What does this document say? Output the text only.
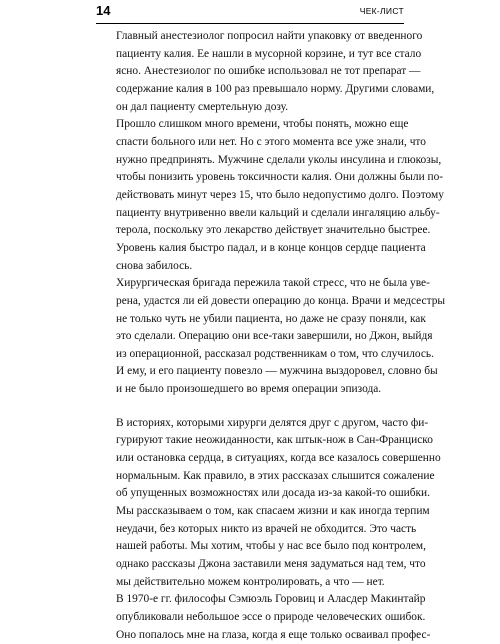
14	ЧЕК-ЛИСТ

Главный анестезиолог попросил найти упаковку от введенного
пациенту калия. Ее нашли в мусорной корзине, и тут все стало
ясно. Анестезиолог по ошибке использовал не тот препарат —
содержание калия в 100 раз превышало норму. Другими словами,
он дал пациенту смертельную дозу.

Прошло слишком много времени, чтобы понять, можно еще
спасти больного или нет. Но с этого момента все уже знали, что
нужно предпринять. Мужчине сделали уколы инсулина и глюкозы,
чтобы понизить уровень токсичности калия. Они должны были по-
действовать минут через 15, что было недопустимо долго. Поэтому
пациенту внутривенно ввели кальций и сделали ингаляцию альбу-
терола, поскольку это лекарство действует значительно быстрее.
Уровень калия быстро падал, и в конце концов сердце пациента
снова забилось.

Хирургическая бригада пережила такой стресс, что не была уве-
рена, удастся ли ей довести операцию до конца. Врачи и медсестры
не только чуть не убили пациента, но даже не сразу поняли, как
это сделали. Операцию они все-таки завершили, но Джон, выйдя
из операционной, рассказал родственникам о том, что случилось.
И ему, и его пациенту повезло — мужчина выздоровел, словно бы
и не было произошедшего во время операции эпизода.

В историях, которыми хирурги делятся друг с другом, часто фи-
гурируют такие неожиданности, как штык-нож в Сан-Франциско
или остановка сердца, в ситуациях, когда все казалось совершенно
нормальным. Как правило, в этих рассказах слышится сожаление
об упущенных возможностях или досада из-за какой-то ошибки.
Мы рассказываем о том, как спасаем жизни и как иногда терпим
неудачи, без которых никто из врачей не обходится. Это часть
нашей работы. Мы хотим, чтобы у нас все было под контролем,
однако рассказы Джона заставили меня задуматься над тем, что
мы действительно можем контролировать, а что — нет.

В 1970-е гг. философы Сэмюэль Горовиц и Аласдер Макинтайр
опубликовали небольшое эссе о природе человеческих ошибок.
Оно попалось мне на глаза, когда я еще только осваивал профес-
